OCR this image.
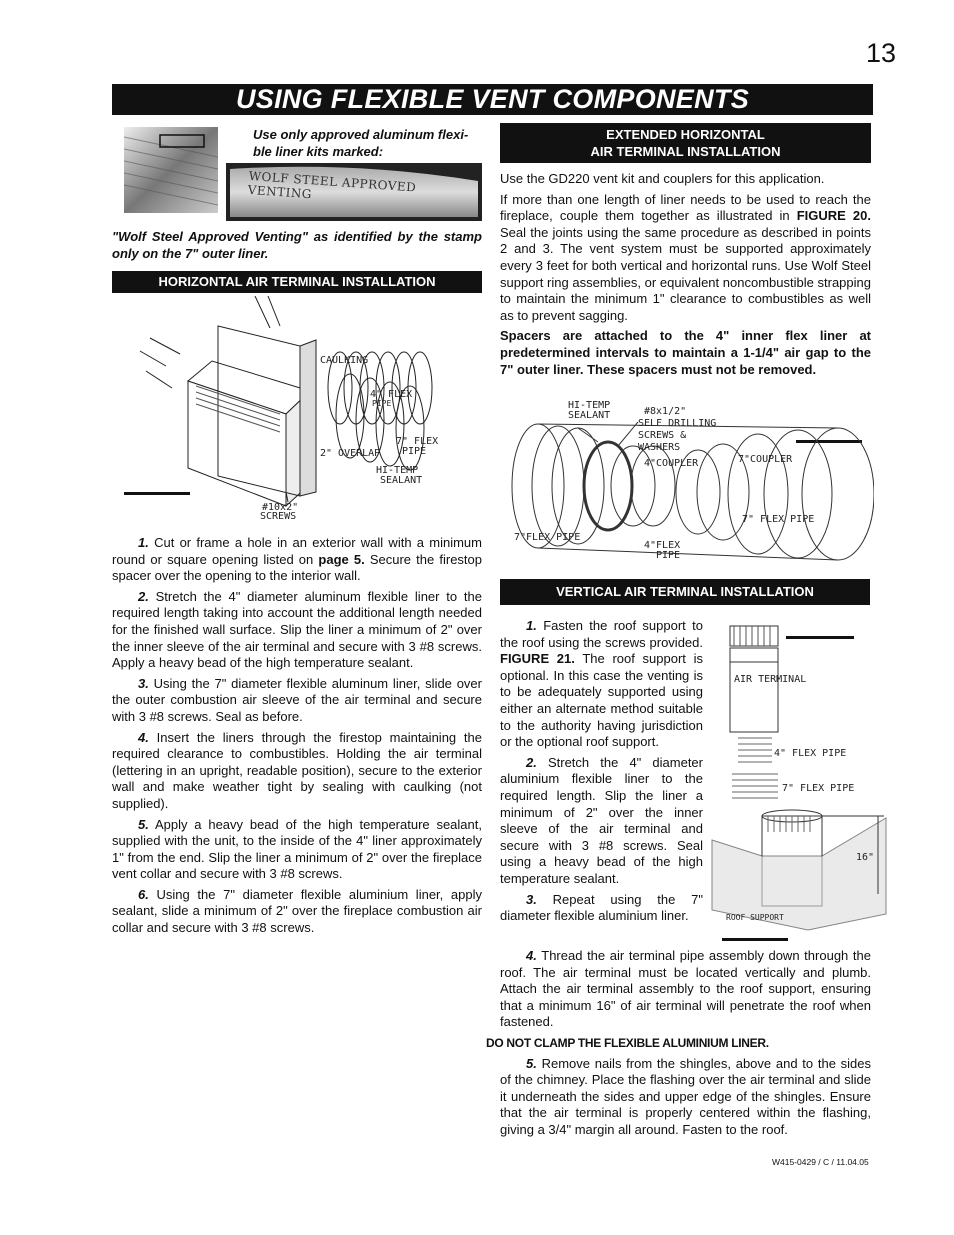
13
USING FLEXIBLE VENT COMPONENTS
WOLF STEEL APPROVED VENTING
Use only approved aluminum flexi-ble liner kits marked:
"Wolf Steel Approved Venting" as identified by the stamp only on the 7" outer liner.
HORIZONTAL AIR TERMINAL INSTALLATION
CAULKING
4" FLEX
PIPE
7" FLEX
PIPE
2" OVERLAP
HI-TEMP
SEALANT
#10x2"
SCREWS

1. Cut or frame a hole in an exterior wall with a minimum round or square opening listed on page 5. Secure the firestop spacer over the opening to the interior wall.

2. Stretch the 4" diameter aluminum flexible liner to the required length taking into account the additional length needed for the finished wall surface. Slip the liner a minimum of 2" over the inner sleeve of the air terminal and secure with 3 #8 screws. Apply a heavy bead of the high temperature sealant.

3. Using the 7" diameter flexible aluminum liner, slide over the outer combustion air sleeve of the air terminal and secure with 3 #8 screws. Seal as before.

4. Insert the liners through the firestop maintaining the required clearance to combustibles. Holding the air terminal (lettering in an upright, readable position), secure to the exterior wall and make weather tight by sealing with caulking (not supplied).

5. Apply a heavy bead of the high temperature sealant, supplied with the unit, to the inside of the 4" liner approximately 1" from the end. Slip the liner a minimum of 2" over the fireplace vent collar and secure with 3 #8 screws.

6. Using the 7" diameter flexible aluminium liner, apply sealant, slide a minimum of 2" over the fireplace combustion air collar and secure with 3 #8 screws.

EXTENDED HORIZONTAL
AIR TERMINAL INSTALLATION

Use the GD220 vent kit and couplers for this application.

If more than one length of liner needs to be used to reach the fireplace, couple them together as illustrated in FIGURE 20. Seal the joints using the same procedure as described in points 2 and 3. The vent system must be supported approximately every 3 feet for both vertical and horizontal runs. Use Wolf Steel support ring assemblies, or equivalent noncombustible strapping to maintain the minimum 1" clearance to combustibles as well as to prevent sagging.

Spacers are attached to the 4" inner flex liner at predetermined intervals to maintain a 1-1/4" air gap to the 7" outer liner. These spacers must not be removed.

HI-TEMP
SEALANT	#8x1/2"
SELF DRILLING
SCREWS &
WASHERS
4"COUPLER	7"COUPLER
7" FLEX PIPE
7"FLEX PIPE
4"FLEX
PIPE
VERTICAL AIR TERMINAL INSTALLATION

1. Fasten the roof support to the roof using the screws provided. FIGURE 21. The roof support is optional. In this case the venting is to be adequately supported using either an alternate method suitable to the authority having jurisdiction or the optional roof support.

2. Stretch the 4" diameter aluminium flexible liner to the required length. Slip the liner a minimum of 2" over the inner sleeve of the air terminal and secure with 3 #8 screws. Seal using a heavy bead of the high temperature sealant.

3. Repeat using the 7" diameter flexible aluminium liner.

AIR TERMINAL
4" FLEX PIPE
7" FLEX PIPE
16"
ROOF SUPPORT

4. Thread the air terminal pipe assembly down through the roof. The air terminal must be located vertically and plumb. Attach the air terminal assembly to the roof support, ensuring that a minimum 16" of air terminal will penetrate the roof when fastened.

DO NOT CLAMP THE FLEXIBLE ALUMINIUM LINER.

5. Remove nails from the shingles, above and to the sides of the chimney. Place the flashing over the air terminal and slide it underneath the sides and upper edge of the shingles. Ensure that the air terminal is properly centered within the flashing, giving a 3/4" margin all around. Fasten to the roof.

W415-0429 / C / 11.04.05
